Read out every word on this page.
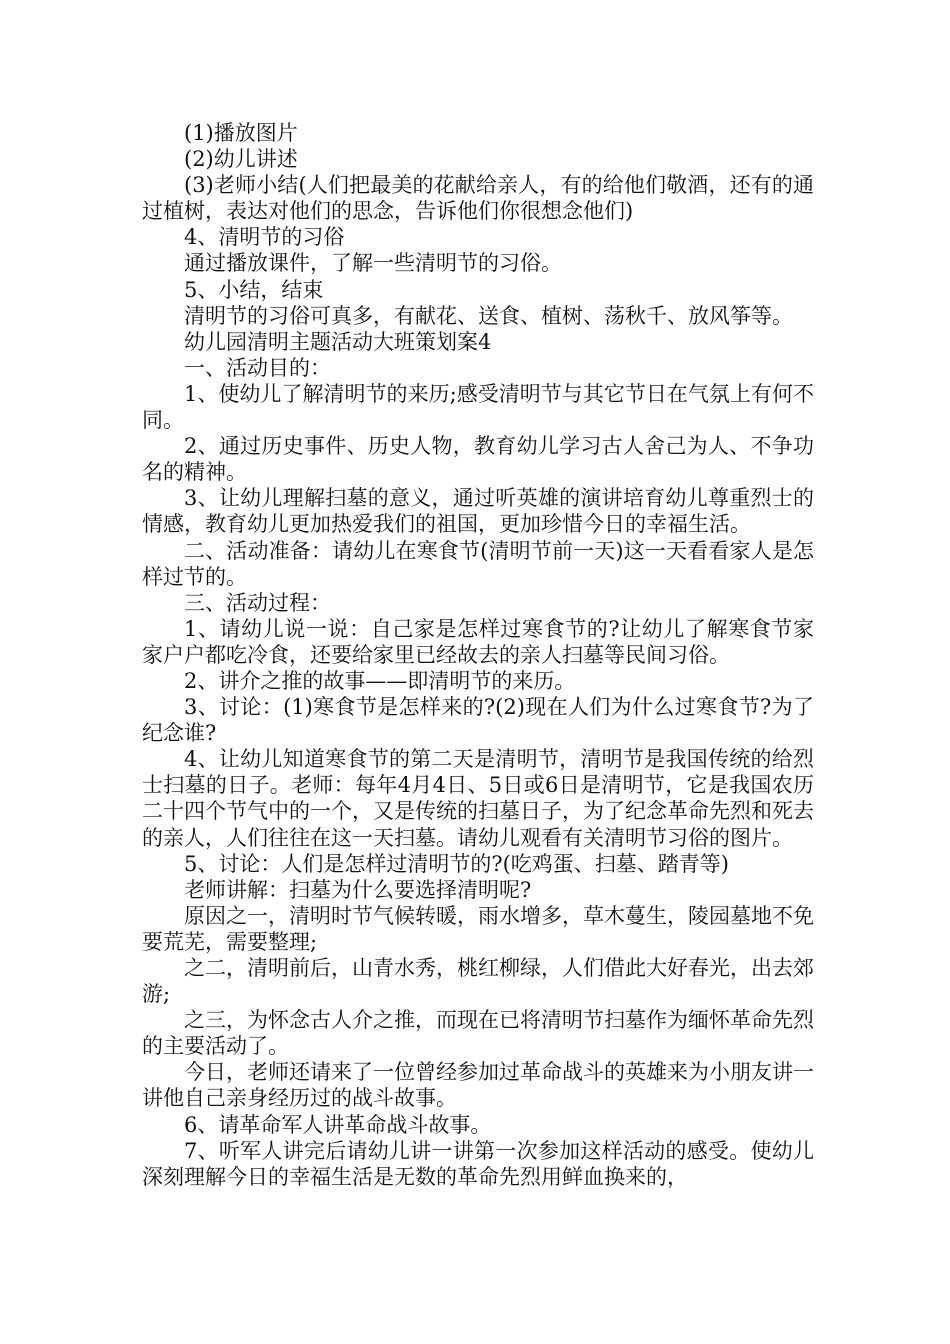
(1)播放图片

(2)幼儿讲述

(3)老师小结(人们把最美的花献给亲人，有的给他们敬酒，还有的通过植树，表达对他们的思念，告诉他们你很想念他们)

4、清明节的习俗

通过播放课件，了解一些清明节的习俗。

5、小结，结束

清明节的习俗可真多，有献花、送食、植树、荡秋千、放风筝等。

幼儿园清明主题活动大班策划案4

一、活动目的：

1、使幼儿了解清明节的来历;感受清明节与其它节日在气氛上有何不同。

2、通过历史事件、历史人物，教育幼儿学习古人舍己为人、不争功名的精神。

3、让幼儿理解扫墓的意义，通过听英雄的演讲培育幼儿尊重烈士的情感，教育幼儿更加热爱我们的祖国，更加珍惜今日的幸福生活。

二、活动准备：请幼儿在寒食节(清明节前一天)这一天看看家人是怎样过节的。

三、活动过程：

1、请幼儿说一说：自己家是怎样过寒食节的?让幼儿了解寒食节家家户户都吃冷食，还要给家里已经故去的亲人扫墓等民间习俗。

2、讲介之推的故事——即清明节的来历。

3、讨论：(1)寒食节是怎样来的?(2)现在人们为什么过寒食节?为了纪念谁?

4、让幼儿知道寒食节的第二天是清明节，清明节是我国传统的给烈士扫墓的日子。老师：每年4月4日、5日或6日是清明节，它是我国农历二十四个节气中的一个，又是传统的扫墓日子，为了纪念革命先烈和死去的亲人，人们往往在这一天扫墓。请幼儿观看有关清明节习俗的图片。

5、讨论：人们是怎样过清明节的?(吃鸡蛋、扫墓、踏青等)

老师讲解：扫墓为什么要选择清明呢?

原因之一，清明时节气候转暖，雨水增多，草木蔓生，陵园墓地不免要荒芜，需要整理;

之二，清明前后，山青水秀，桃红柳绿，人们借此大好春光，出去郊游;

之三，为怀念古人介之推，而现在已将清明节扫墓作为缅怀革命先烈的主要活动了。

今日，老师还请来了一位曾经参加过革命战斗的英雄来为小朋友讲一讲他自己亲身经历过的战斗故事。

6、请革命军人讲革命战斗故事。

7、听军人讲完后请幼儿讲一讲第一次参加这样活动的感受。使幼儿深刻理解今日的幸福生活是无数的革命先烈用鲜血换来的，
